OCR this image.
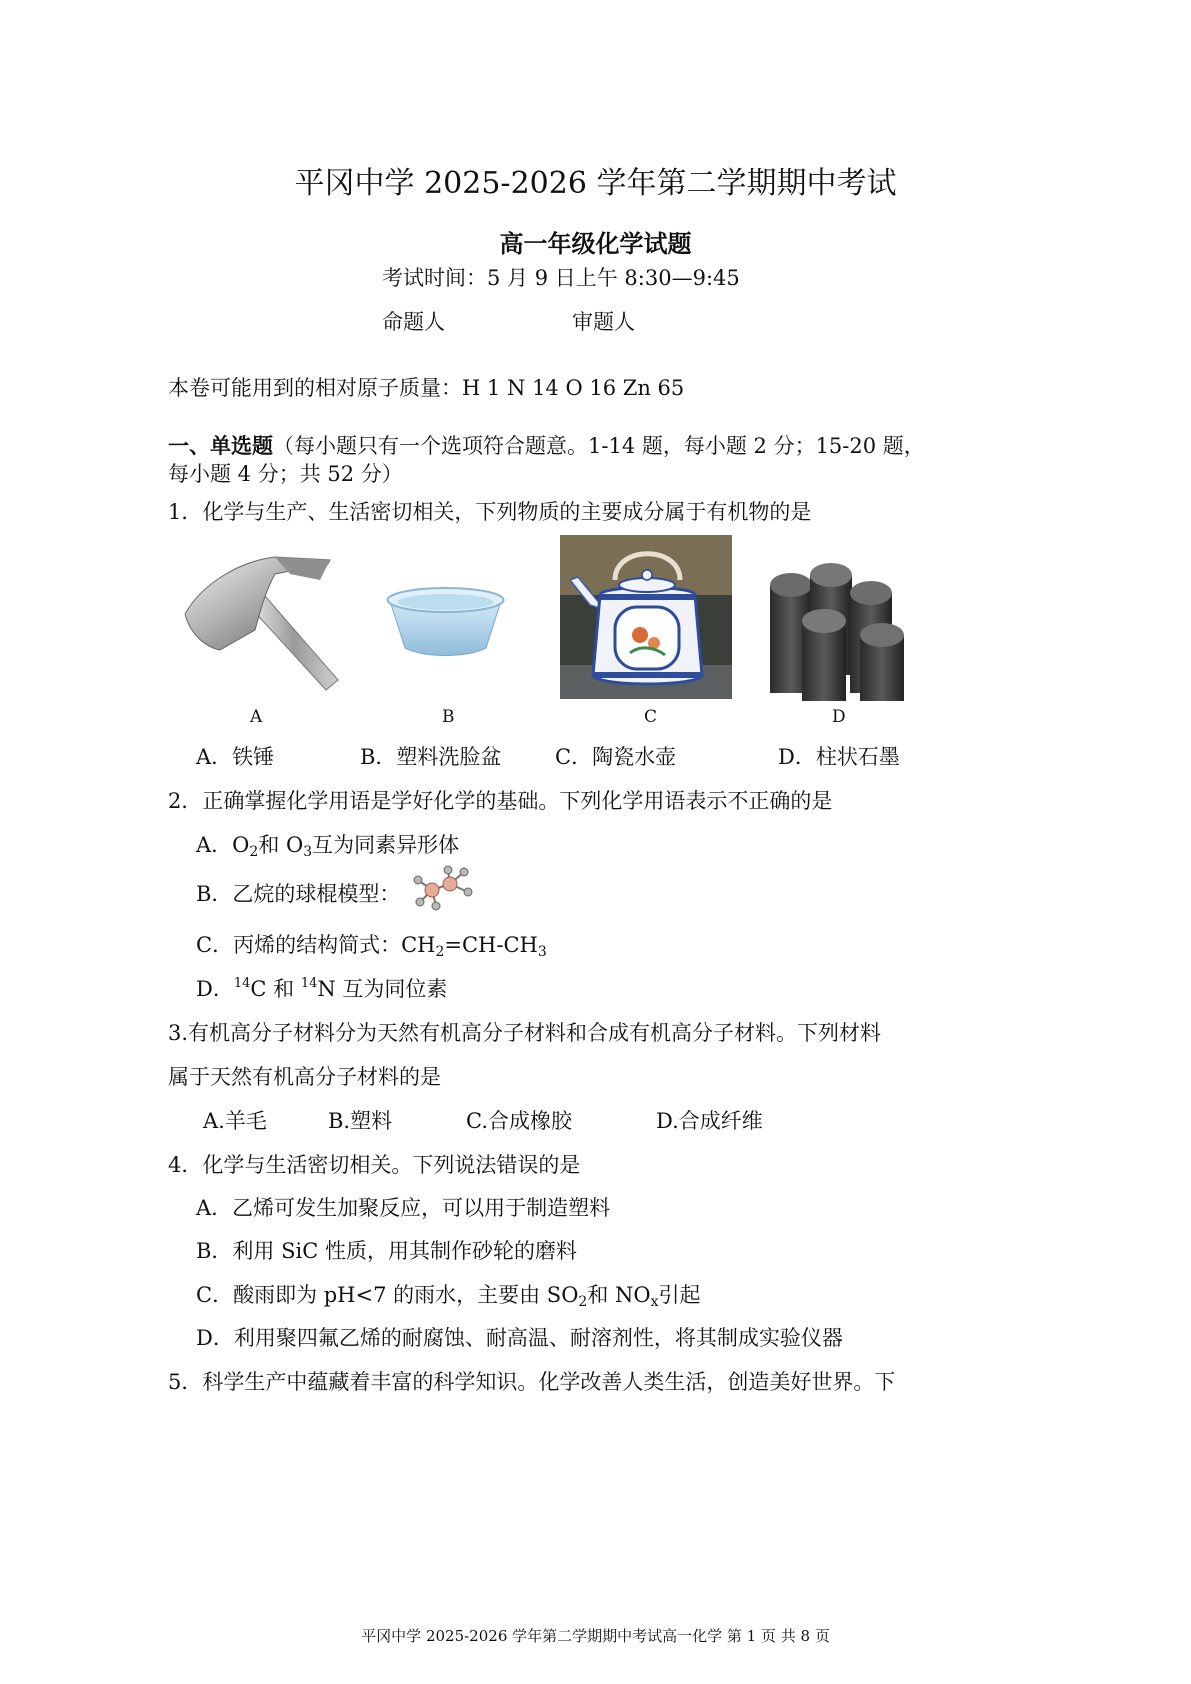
平冈中学 2025-2026 学年第二学期期中考试
高一年级化学试题
考试时间：5 月 9 日上午 8:30—9:45
命题人	审题人
本卷可能用到的相对原子质量：H 1 N 14 O 16 Zn 65
一、单选题（每小题只有一个选项符合题意。1-14 题，每小题 2 分；15-20 题，
每小题 4 分；共 52 分）
1．化学与生产、生活密切相关，下列物质的主要成分属于有机物的是
A	B	C	D
A．铁锤	B．塑料洗脸盆	C．陶瓷水壶	D．柱状石墨
2．正确掌握化学用语是学好化学的基础。下列化学用语表示不正确的是
A．$O_2$和 $O_3$互为同素异形体
B．乙烷的球棍模型：
C．丙烯的结构简式：$CH_2=CH-CH_3$
D．$^{14}$C 和 $^{14}$N 互为同位素
3.有机高分子材料分为天然有机高分子材料和合成有机高分子材料。下列材料
属于天然有机高分子材料的是
A.羊毛	B.塑料	C.合成橡胶	D.合成纤维
4．化学与生活密切相关。下列说法错误的是
A．乙烯可发生加聚反应，可以用于制造塑料
B．利用 SiC 性质，用其制作砂轮的磨料
C．酸雨即为 pH<7 的雨水，主要由 $SO_2$和 $NO_x$引起
D．利用聚四氟乙烯的耐腐蚀、耐高温、耐溶剂性，将其制成实验仪器
5．科学生产中蕴藏着丰富的科学知识。化学改善人类生活，创造美好世界。下
平冈中学 2025-2026 学年第二学期期中考试高一化学 第 1 页 共 8 页
